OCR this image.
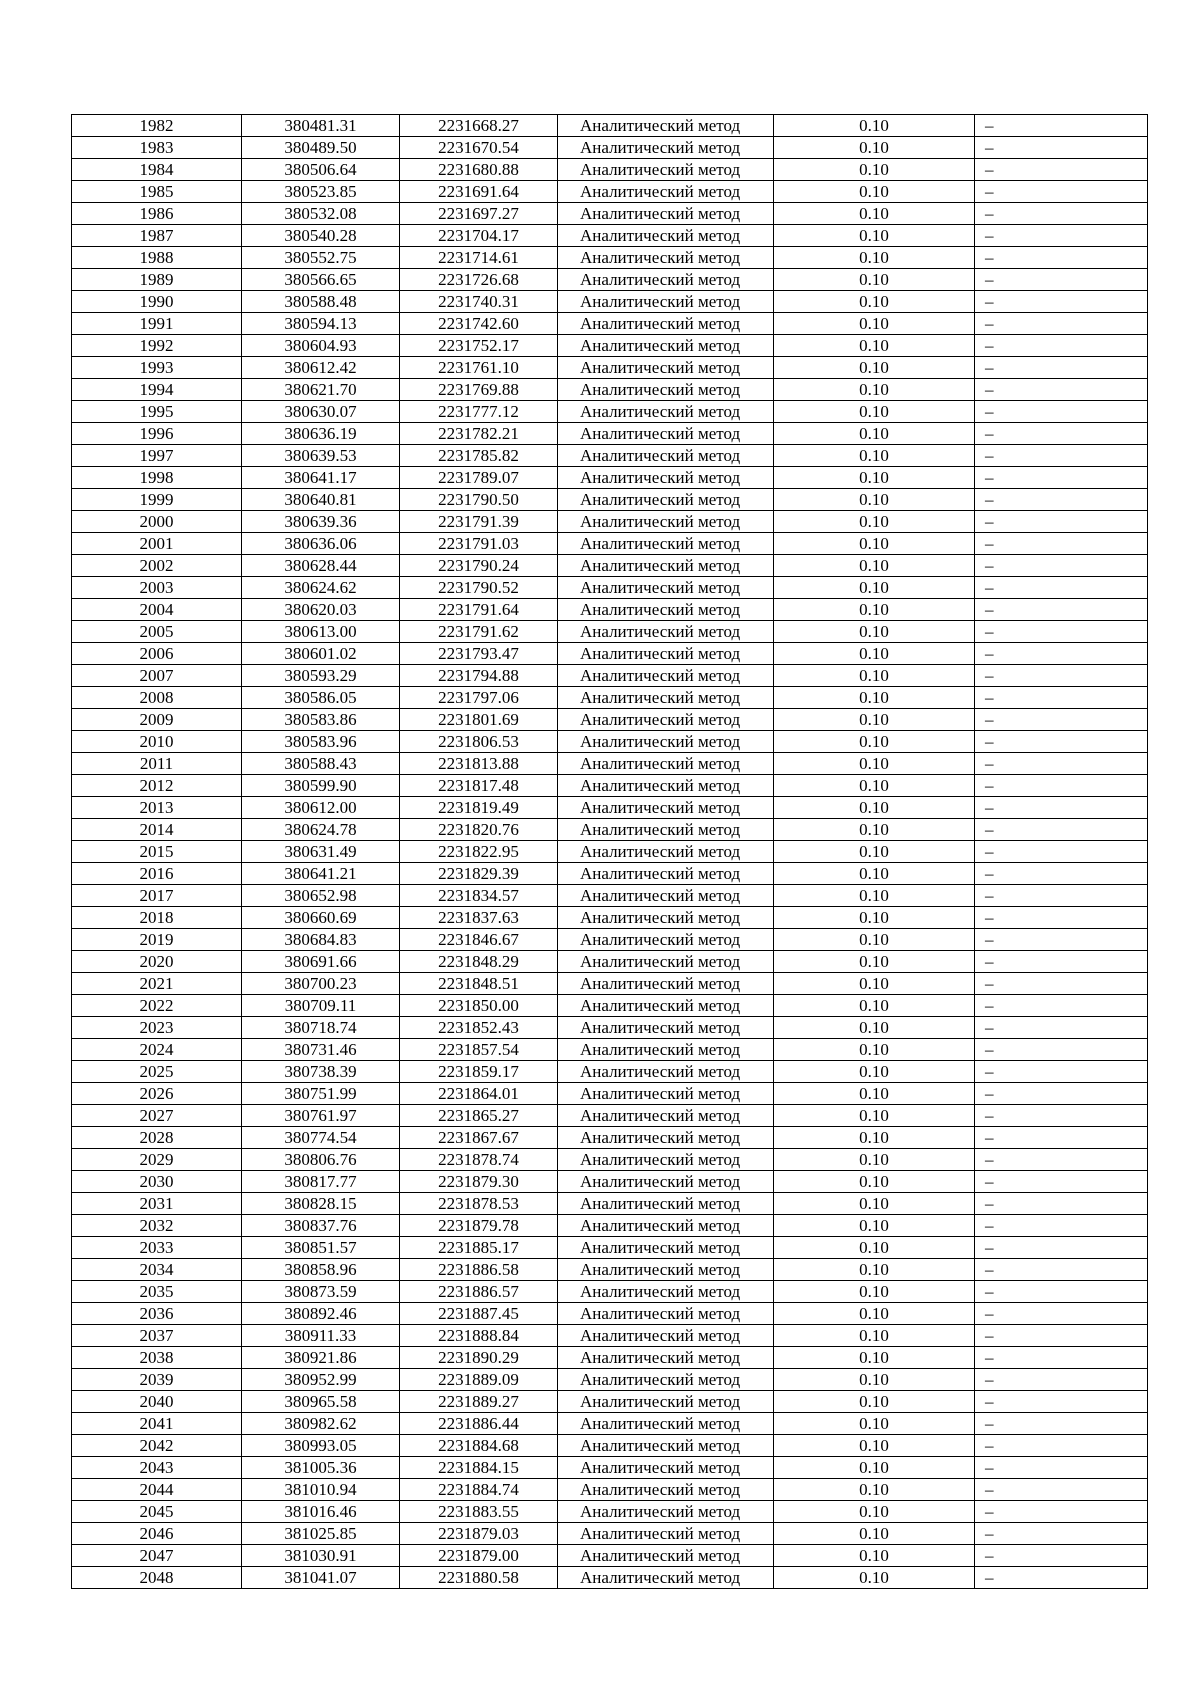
1982	380481.31	2231668.27	Аналитический метод	0.10	–
1983	380489.50	2231670.54	Аналитический метод	0.10	–
1984	380506.64	2231680.88	Аналитический метод	0.10	–
1985	380523.85	2231691.64	Аналитический метод	0.10	–
1986	380532.08	2231697.27	Аналитический метод	0.10	–
1987	380540.28	2231704.17	Аналитический метод	0.10	–
1988	380552.75	2231714.61	Аналитический метод	0.10	–
1989	380566.65	2231726.68	Аналитический метод	0.10	–
1990	380588.48	2231740.31	Аналитический метод	0.10	–
1991	380594.13	2231742.60	Аналитический метод	0.10	–
1992	380604.93	2231752.17	Аналитический метод	0.10	–
1993	380612.42	2231761.10	Аналитический метод	0.10	–
1994	380621.70	2231769.88	Аналитический метод	0.10	–
1995	380630.07	2231777.12	Аналитический метод	0.10	–
1996	380636.19	2231782.21	Аналитический метод	0.10	–
1997	380639.53	2231785.82	Аналитический метод	0.10	–
1998	380641.17	2231789.07	Аналитический метод	0.10	–
1999	380640.81	2231790.50	Аналитический метод	0.10	–
2000	380639.36	2231791.39	Аналитический метод	0.10	–
2001	380636.06	2231791.03	Аналитический метод	0.10	–
2002	380628.44	2231790.24	Аналитический метод	0.10	–
2003	380624.62	2231790.52	Аналитический метод	0.10	–
2004	380620.03	2231791.64	Аналитический метод	0.10	–
2005	380613.00	2231791.62	Аналитический метод	0.10	–
2006	380601.02	2231793.47	Аналитический метод	0.10	–
2007	380593.29	2231794.88	Аналитический метод	0.10	–
2008	380586.05	2231797.06	Аналитический метод	0.10	–
2009	380583.86	2231801.69	Аналитический метод	0.10	–
2010	380583.96	2231806.53	Аналитический метод	0.10	–
2011	380588.43	2231813.88	Аналитический метод	0.10	–
2012	380599.90	2231817.48	Аналитический метод	0.10	–
2013	380612.00	2231819.49	Аналитический метод	0.10	–
2014	380624.78	2231820.76	Аналитический метод	0.10	–
2015	380631.49	2231822.95	Аналитический метод	0.10	–
2016	380641.21	2231829.39	Аналитический метод	0.10	–
2017	380652.98	2231834.57	Аналитический метод	0.10	–
2018	380660.69	2231837.63	Аналитический метод	0.10	–
2019	380684.83	2231846.67	Аналитический метод	0.10	–
2020	380691.66	2231848.29	Аналитический метод	0.10	–
2021	380700.23	2231848.51	Аналитический метод	0.10	–
2022	380709.11	2231850.00	Аналитический метод	0.10	–
2023	380718.74	2231852.43	Аналитический метод	0.10	–
2024	380731.46	2231857.54	Аналитический метод	0.10	–
2025	380738.39	2231859.17	Аналитический метод	0.10	–
2026	380751.99	2231864.01	Аналитический метод	0.10	–
2027	380761.97	2231865.27	Аналитический метод	0.10	–
2028	380774.54	2231867.67	Аналитический метод	0.10	–
2029	380806.76	2231878.74	Аналитический метод	0.10	–
2030	380817.77	2231879.30	Аналитический метод	0.10	–
2031	380828.15	2231878.53	Аналитический метод	0.10	–
2032	380837.76	2231879.78	Аналитический метод	0.10	–
2033	380851.57	2231885.17	Аналитический метод	0.10	–
2034	380858.96	2231886.58	Аналитический метод	0.10	–
2035	380873.59	2231886.57	Аналитический метод	0.10	–
2036	380892.46	2231887.45	Аналитический метод	0.10	–
2037	380911.33	2231888.84	Аналитический метод	0.10	–
2038	380921.86	2231890.29	Аналитический метод	0.10	–
2039	380952.99	2231889.09	Аналитический метод	0.10	–
2040	380965.58	2231889.27	Аналитический метод	0.10	–
2041	380982.62	2231886.44	Аналитический метод	0.10	–
2042	380993.05	2231884.68	Аналитический метод	0.10	–
2043	381005.36	2231884.15	Аналитический метод	0.10	–
2044	381010.94	2231884.74	Аналитический метод	0.10	–
2045	381016.46	2231883.55	Аналитический метод	0.10	–
2046	381025.85	2231879.03	Аналитический метод	0.10	–
2047	381030.91	2231879.00	Аналитический метод	0.10	–
2048	381041.07	2231880.58	Аналитический метод	0.10	–
